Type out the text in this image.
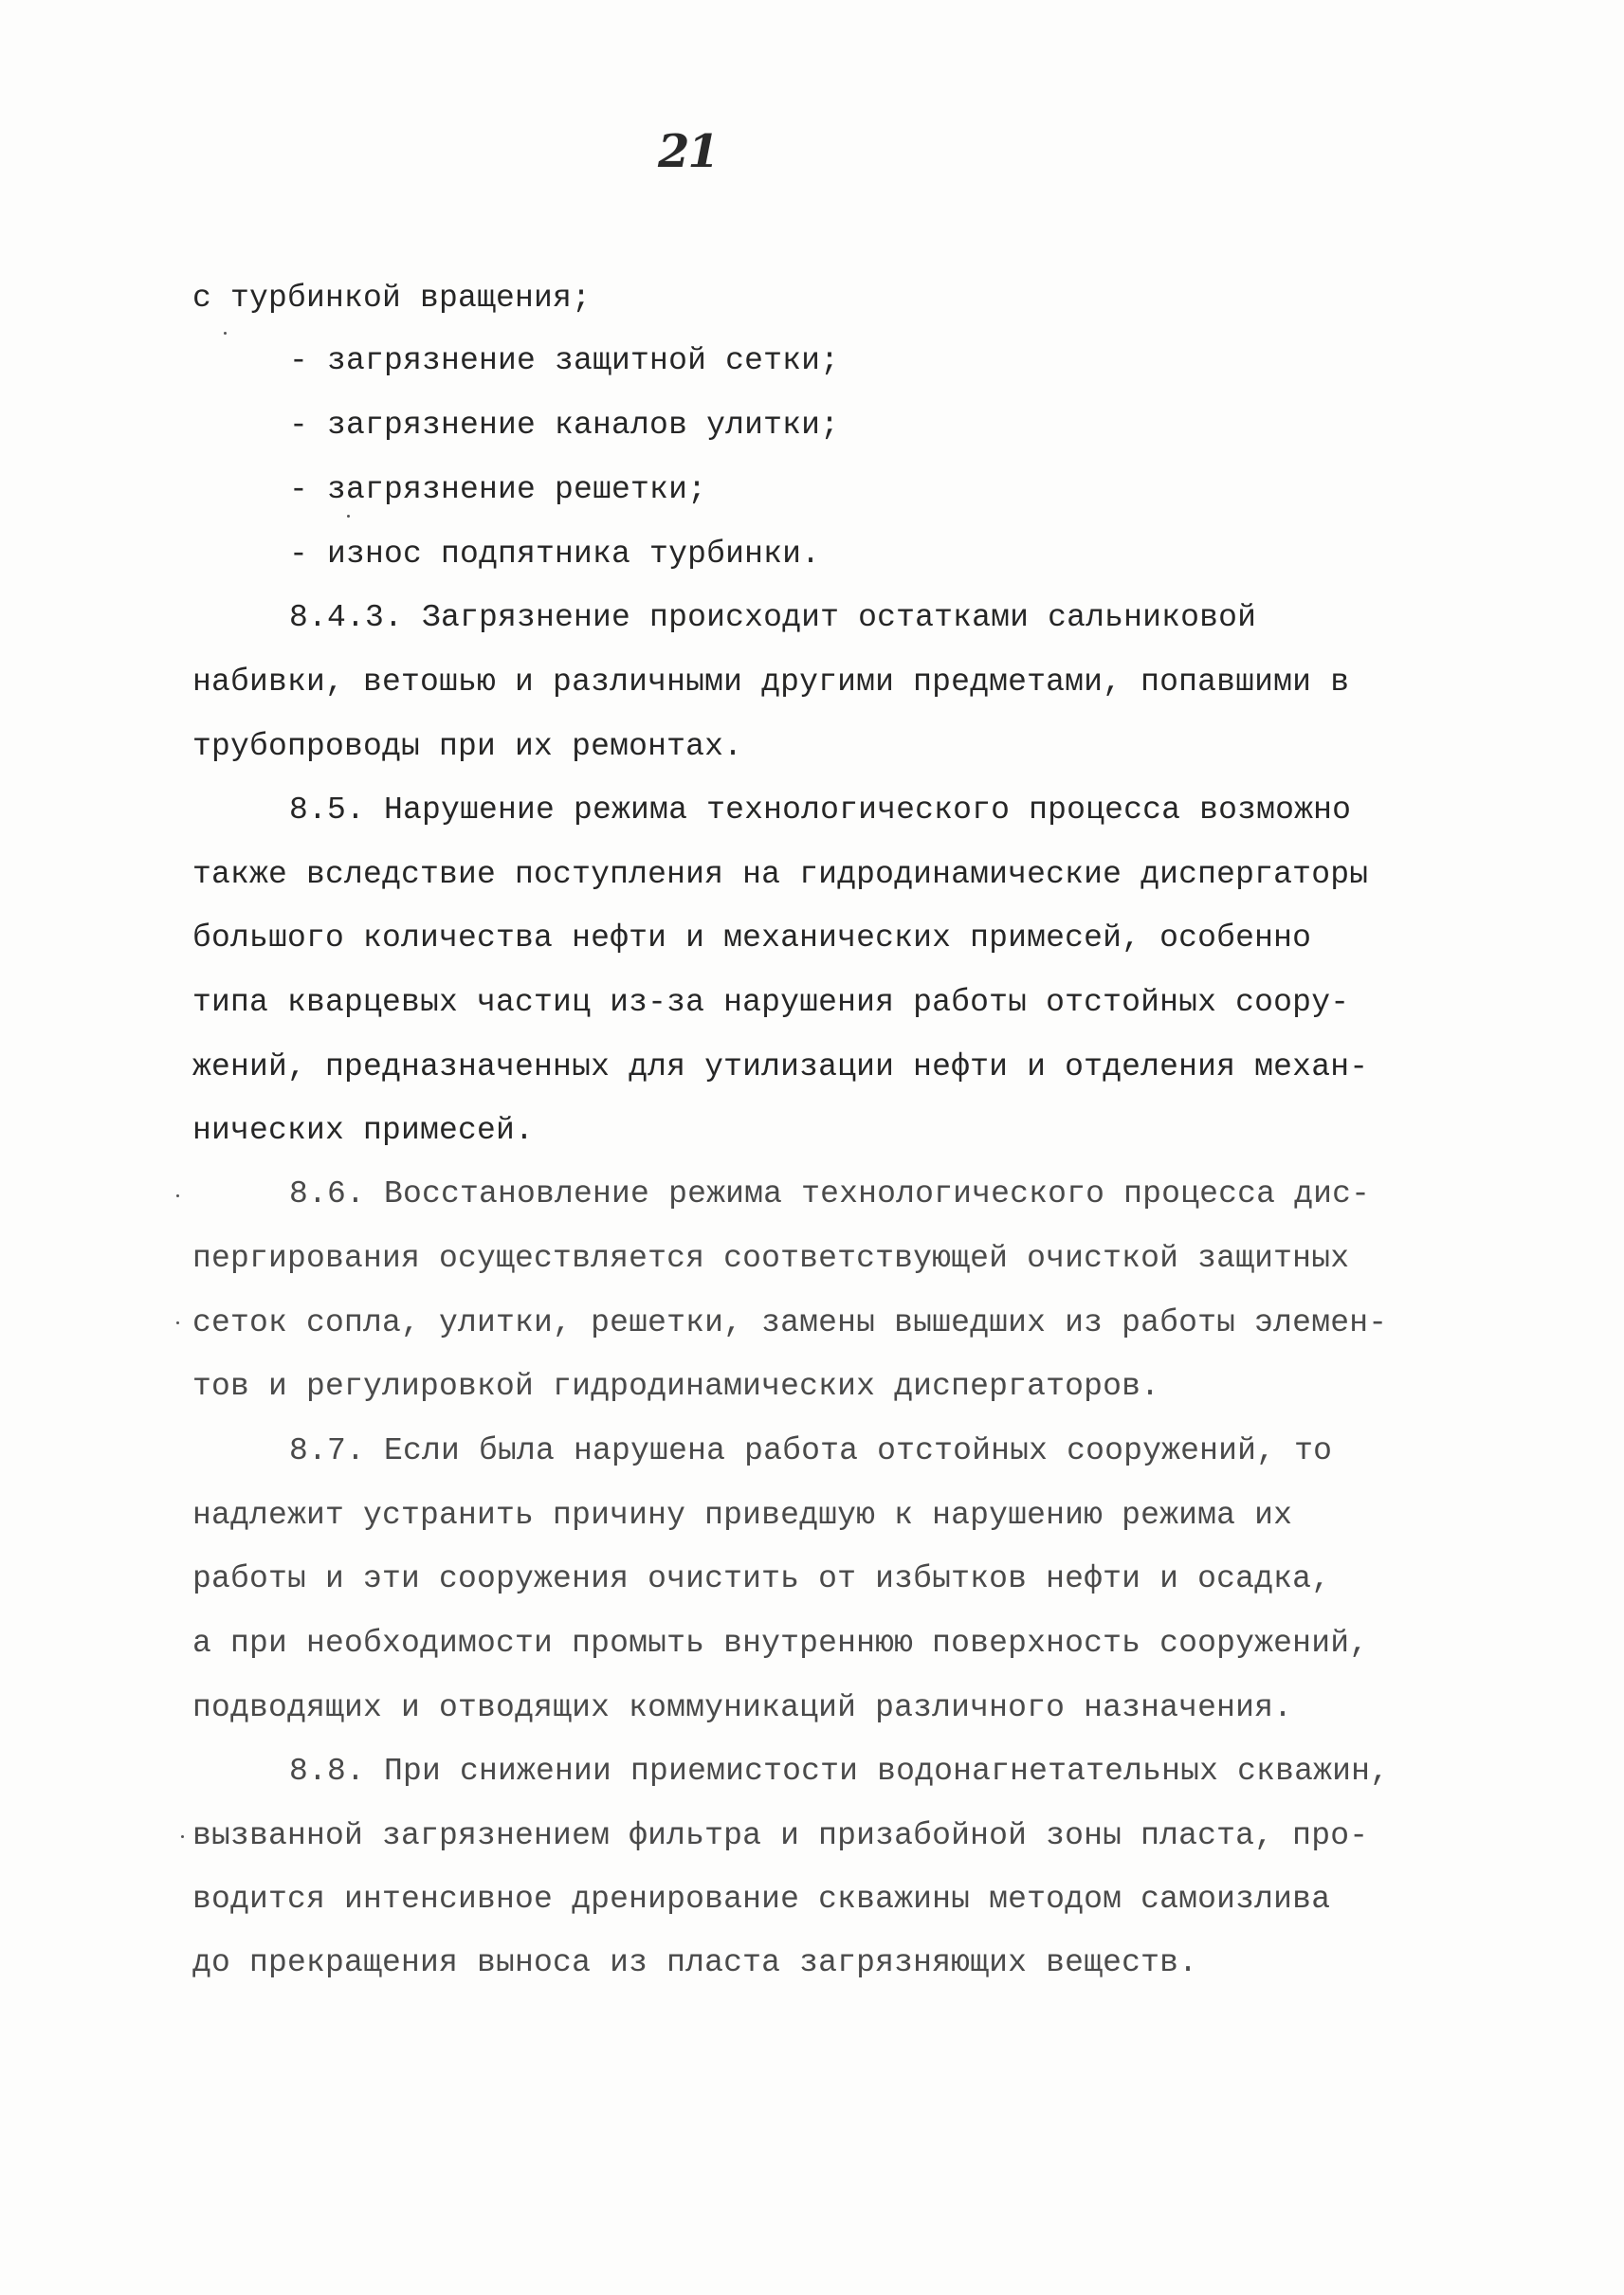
21
с турбинкой вращения;
- загрязнение защитной сетки;
- загрязнение каналов улитки;
- загрязнение решетки;
- износ подпятника турбинки.
8.4.3. Загрязнение происходит остатками сальниковой
набивки, ветошью и различными другими предметами, попавшими в
трубопроводы при их ремонтах.
8.5. Нарушение режима технологического процесса возможно
также вследствие поступления на гидродинамические диспергаторы
большого количества нефти и механических примесей, особенно
типа кварцевых частиц из-за нарушения работы отстойных соору-
жений, предназначенных для утилизации нефти и отделения механ-
нических примесей.
8.6. Восстановление режима технологического процесса дис-
пергирования осуществляется соответствующей очисткой защитных
сеток сопла, улитки, решетки, замены вышедших из работы элемен-
тов и регулировкой гидродинамических диспергаторов.
8.7. Если была нарушена работа отстойных сооружений, то
надлежит устранить причину приведшую к нарушению режима их
работы и эти сооружения очистить от избытков нефти и осадка,
а при необходимости промыть внутреннюю поверхность сооружений,
подводящих и отводящих коммуникаций различного назначения.
8.8. При снижении приемистости водонагнетательных скважин,
вызванной загрязнением фильтра и призабойной зоны пласта, про-
водится интенсивное дренирование скважины методом самоизлива
до прекращения выноса из пласта загрязняющих веществ.
